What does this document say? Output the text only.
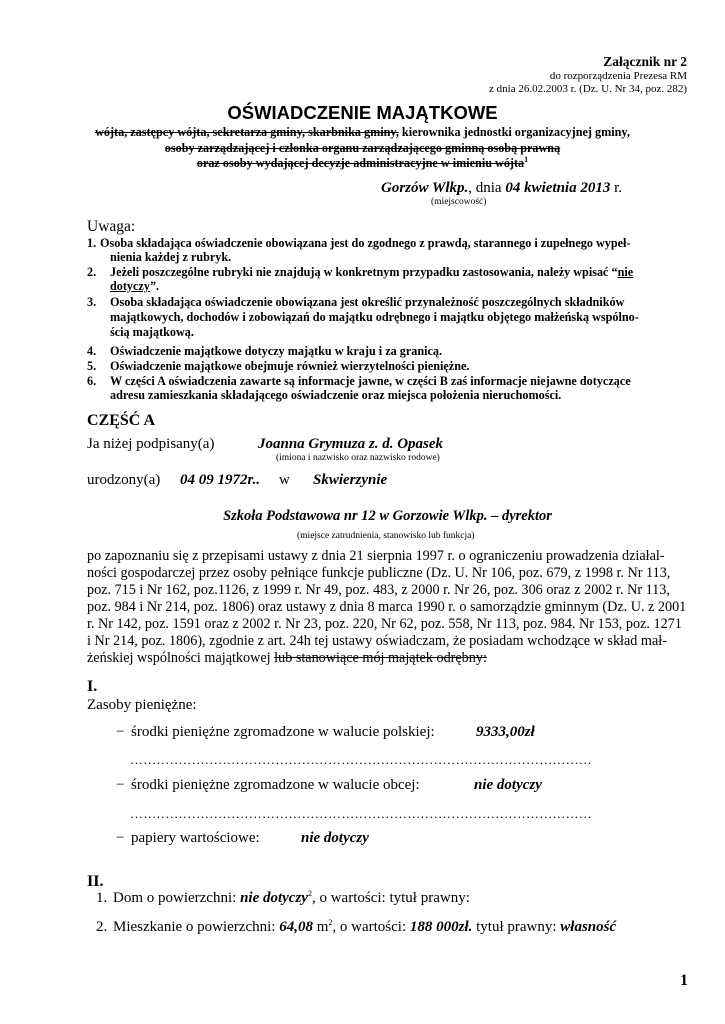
Załącznik nr 2
do rozporządzenia Prezesa RM
z dnia 26.02.2003 r. (Dz. U. Nr 34, poz. 282)
OŚWIADCZENIE MAJĄTKOWE
wójta, zastępcy wójta, sekretarza gminy, skarbnika gminy, kierownika jednostki organizacyjnej gminy,
osoby zarządzającej i członka organu zarządzającego gminną osobą prawną
oraz osoby wydającej decyzje administracyjne w imieniu wójta$^1$
Gorzów Wlkp., dnia 04 kwietnia 2013 r.
(miejscowość)
Uwaga:
1. Osoba składająca oświadczenie obowiązana jest do zgodnego z prawdą, starannego i zupełnego wypeł-
nienia każdej z rubryk.
2. Jeżeli poszczególne rubryki nie znajdują w konkretnym przypadku zastosowania, należy wpisać “nie
dotyczy”.
3. Osoba składająca oświadczenie obowiązana jest określić przynależność poszczególnych składników
majątkowych, dochodów i zobowiązań do majątku odrębnego i majątku objętego małżeńską wspólno-
ścią majątkową.
4. Oświadczenie majątkowe dotyczy majątku w kraju i za granicą.
5. Oświadczenie majątkowe obejmuje również wierzytelności pieniężne.
6. W części A oświadczenia zawarte są informacje jawne, w części B zaś informacje niejawne dotyczące
adresu zamieszkania składającego oświadczenie oraz miejsca położenia nieruchomości.
CZĘŚĆ A
Ja niżej podpisany(a)	Joanna Grymuza z. d. Opasek
(imiona i nazwisko oraz nazwisko rodowe)
urodzony(a) 04 09 1972r.. w Skwierzynie
Szkoła Podstawowa nr 12 w Gorzowie Wlkp. – dyrektor
(miejsce zatrudnienia, stanowisko lub funkcja)
po zapoznaniu się z przepisami ustawy z dnia 21 sierpnia 1997 r. o ograniczeniu prowadzenia działal-
ności gospodarczej przez osoby pełniące funkcje publiczne (Dz. U. Nr 106, poz. 679, z 1998 r. Nr 113,
poz. 715 i Nr 162, poz.1126, z 1999 r. Nr 49, poz. 483, z 2000 r. Nr 26, poz. 306 oraz z 2002 r. Nr 113,
poz. 984 i Nr 214, poz. 1806) oraz ustawy z dnia 8 marca 1990 r. o samorządzie gminnym (Dz. U. z 2001
r. Nr 142, poz. 1591 oraz z 2002 r. Nr 23, poz. 220, Nr 62, poz. 558, Nr 113, poz. 984. Nr 153, poz. 1271
i Nr 214, poz. 1806), zgodnie z art. 24h tej ustawy oświadczam, że posiadam wchodzące w skład mał-
żeńskiej wspólności majątkowej lub stanowiące mój majątek odrębny:
I.
Zasoby pieniężne:
− środki pieniężne zgromadzone w walucie polskiej:	9333,00zł
……………………………………………………………………………………………
− środki pieniężne zgromadzone w walucie obcej:	nie dotyczy
……………………………………………………………………………………………
− papiery wartościowe:	nie dotyczy
II.
1. Dom o powierzchni: nie dotyczy$^2$, o wartości: tytuł prawny:
2. Mieszkanie o powierzchni: 64,08 $m^2$, o wartości: 188 000zł. tytuł prawny: własność
1
